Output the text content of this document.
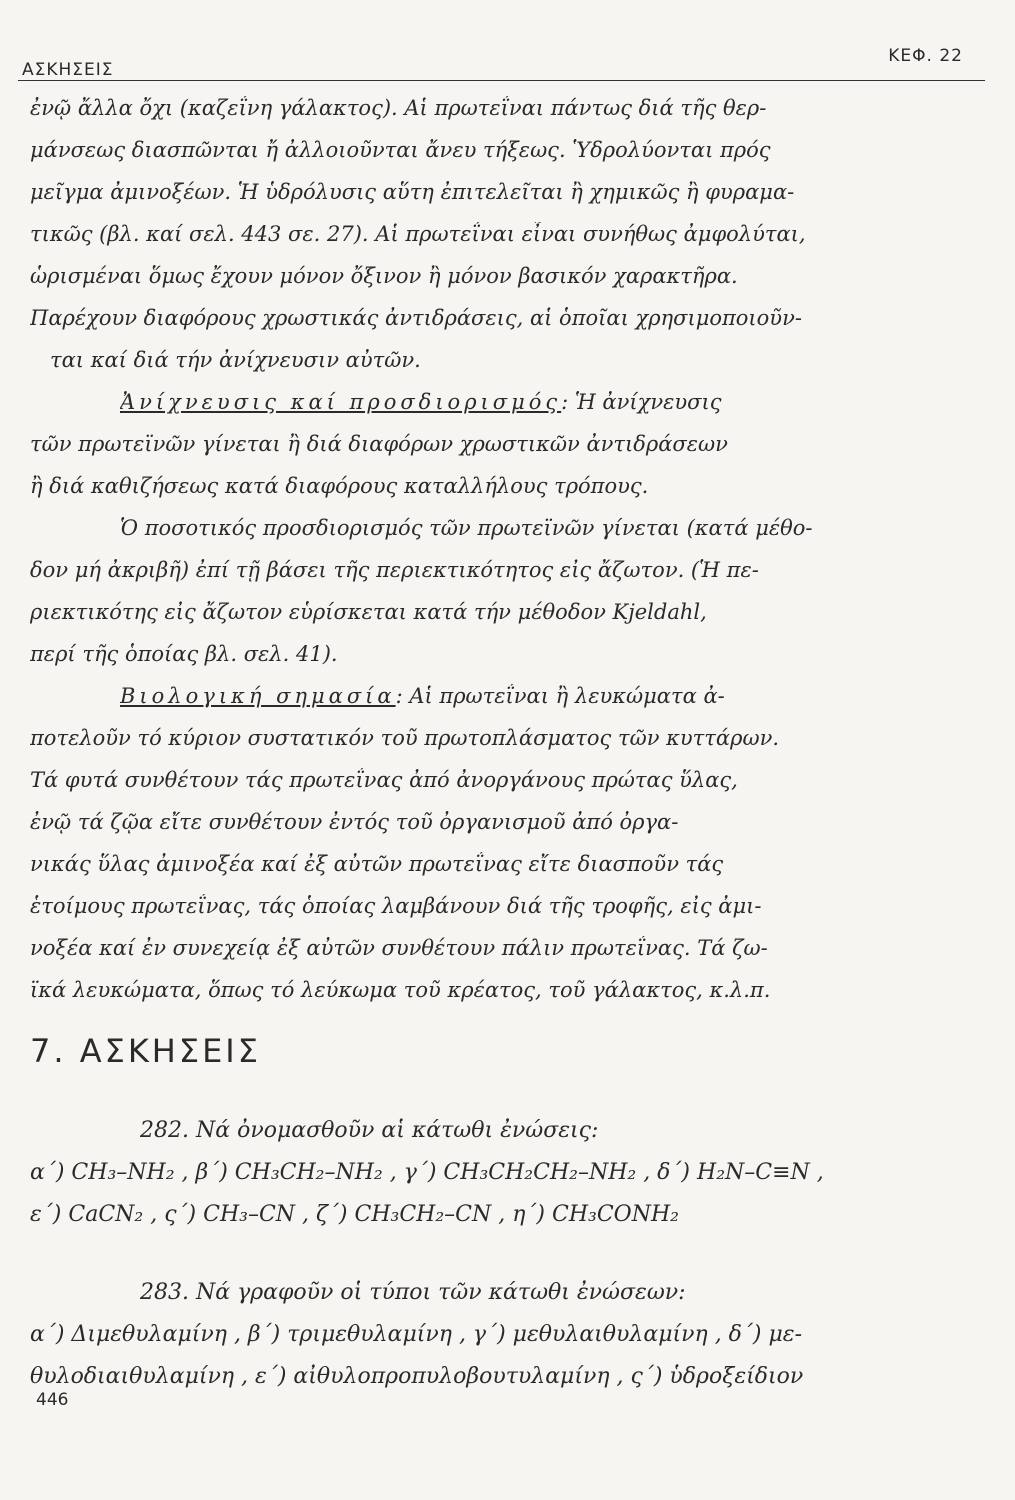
ΑΣΚΗΣΕΙΣ
ΚΕΦ. 22
ἐνῷ ἄλλα ὄχι (καζεΐνη γάλακτος). Αἱ πρωτεΐναι πάντως διά τῆς θερ-
μάνσεως διασπῶνται ἤ ἀλλοιοῦνται ἄνευ τήξεως. Ὑδρολύονται πρός
μεῖγμα ἀμινοξέων. Ἡ ὑδρόλυσις αὕτη ἐπιτελεῖται ἢ χημικῶς ἢ φυραμα-
τικῶς (βλ. καί σελ. 443 σε. 27). Αἱ πρωτεΐναι εἶναι συνήθως ἀμφολύται,
ὡρισμέναι ὅμως ἔχουν μόνον ὄξινον ἢ μόνον βασικόν χαρακτῆρα.
Παρέχουν διαφόρους χρωστικάς ἀντιδράσεις, αἱ ὁποῖαι χρησιμοποιοῦν-
ται καί διά τήν ἀνίχνευσιν αὐτῶν.
Ἀνίχνευσις καί προσδιορισμός: Ἡ ἀνίχνευσις
τῶν πρωτεϊνῶν γίνεται ἢ διά διαφόρων χρωστικῶν ἀντιδράσεων
ἢ διά καθιζήσεως κατά διαφόρους καταλλήλους τρόπους.
Ὁ ποσοτικός προσδιορισμός τῶν πρωτεϊνῶν γίνεται (κατά μέθο-
δον μή ἀκριβῆ) ἐπί τῇ βάσει τῆς περιεκτικότητος εἰς ἄζωτον. (Ἡ πε-
ριεκτικότης εἰς ἄζωτον εὑρίσκεται κατά τήν μέθοδον Kjeldahl,
περί τῆς ὁποίας βλ. σελ. 41).
Βιολογική σημασία: Αἱ πρωτεΐναι ἢ λευκώματα ἀ-
ποτελοῦν τό κύριον συστατικόν τοῦ πρωτοπλάσματος τῶν κυττάρων.
Τά φυτά συνθέτουν τάς πρωτεΐνας ἀπό ἀνοργάνους πρώτας ὕλας,
ἐνῷ τά ζῷα εἴτε συνθέτουν ἐντός τοῦ ὀργανισμοῦ ἀπό ὀργα-
νικάς ὕλας ἀμινοξέα καί ἐξ αὐτῶν πρωτεΐνας εἴτε διασποῦν τάς
ἑτοίμους πρωτεΐνας, τάς ὁποίας λαμβάνουν διά τῆς τροφῆς, εἰς ἀμι-
νοξέα καί ἐν συνεχείᾳ ἐξ αὐτῶν συνθέτουν πάλιν πρωτεΐνας. Τά ζω-
ϊκά λευκώματα, ὅπως τό λεύκωμα τοῦ κρέατος, τοῦ γάλακτος, κ.λ.π.
7. ΑΣΚΗΣΕΙΣ
282. Νά ὀνομασθοῦν αἱ κάτωθι ἐνώσεις:
α΄) CH₃–NH₂ , β΄) CH₃CH₂–NH₂ , γ΄) CH₃CH₂CH₂–NH₂ , δ΄) H₂N–C≡N ,
ε΄) CaCN₂ , ς΄) CH₃–CN , ζ΄) CH₃CH₂–CN , η΄) CH₃CONH₂
283. Νά γραφοῦν οἱ τύποι τῶν κάτωθι ἐνώσεων:
α΄) Διμεθυλαμίνη , β΄) τριμεθυλαμίνη , γ΄) μεθυλαιθυλαμίνη , δ΄) με-
θυλοδιαιθυλαμίνη , ε΄) αἰθυλοπροπυλοβουτυλαμίνη , ς΄) ὑδροξείδιον
446
